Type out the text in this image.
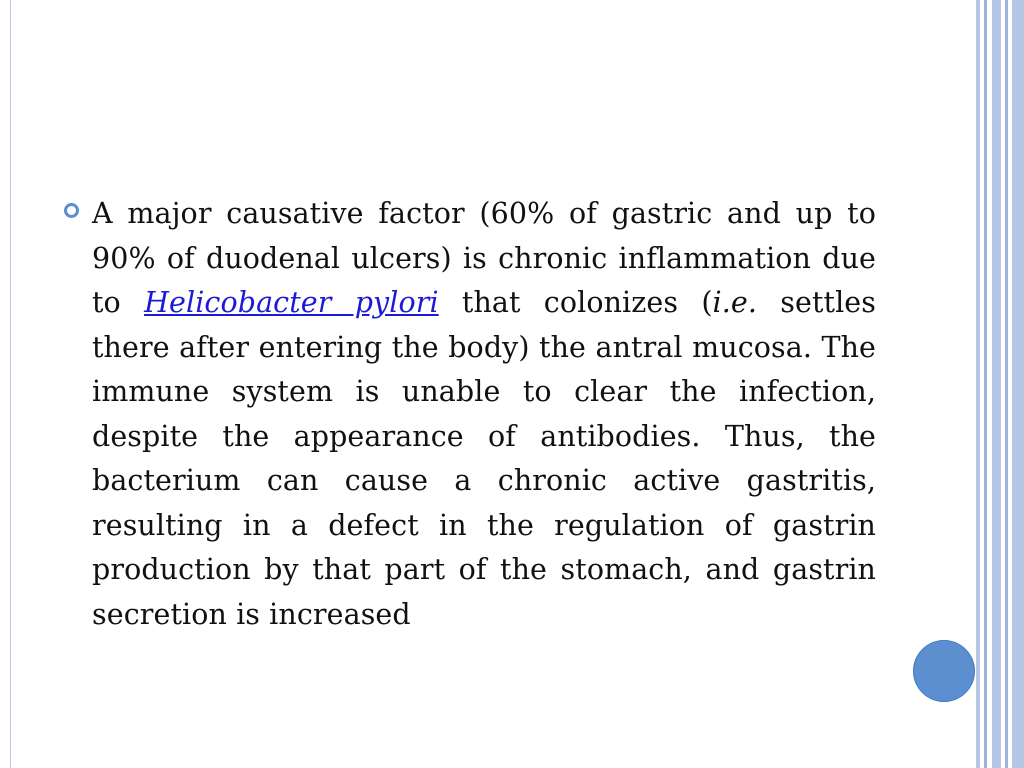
A major causative factor (60% of gastric and up to 90% of duodenal ulcers) is chronic inflammation due to Helicobacter pylori that colonizes (i.e. settles there after entering the body) the antral mucosa. The immune system is unable to clear the infection, despite the appearance of antibodies. Thus, the bacterium can cause a chronic active gastritis, resulting in a defect in the regulation of gastrin production by that part of the stomach, and gastrin secretion is increased
